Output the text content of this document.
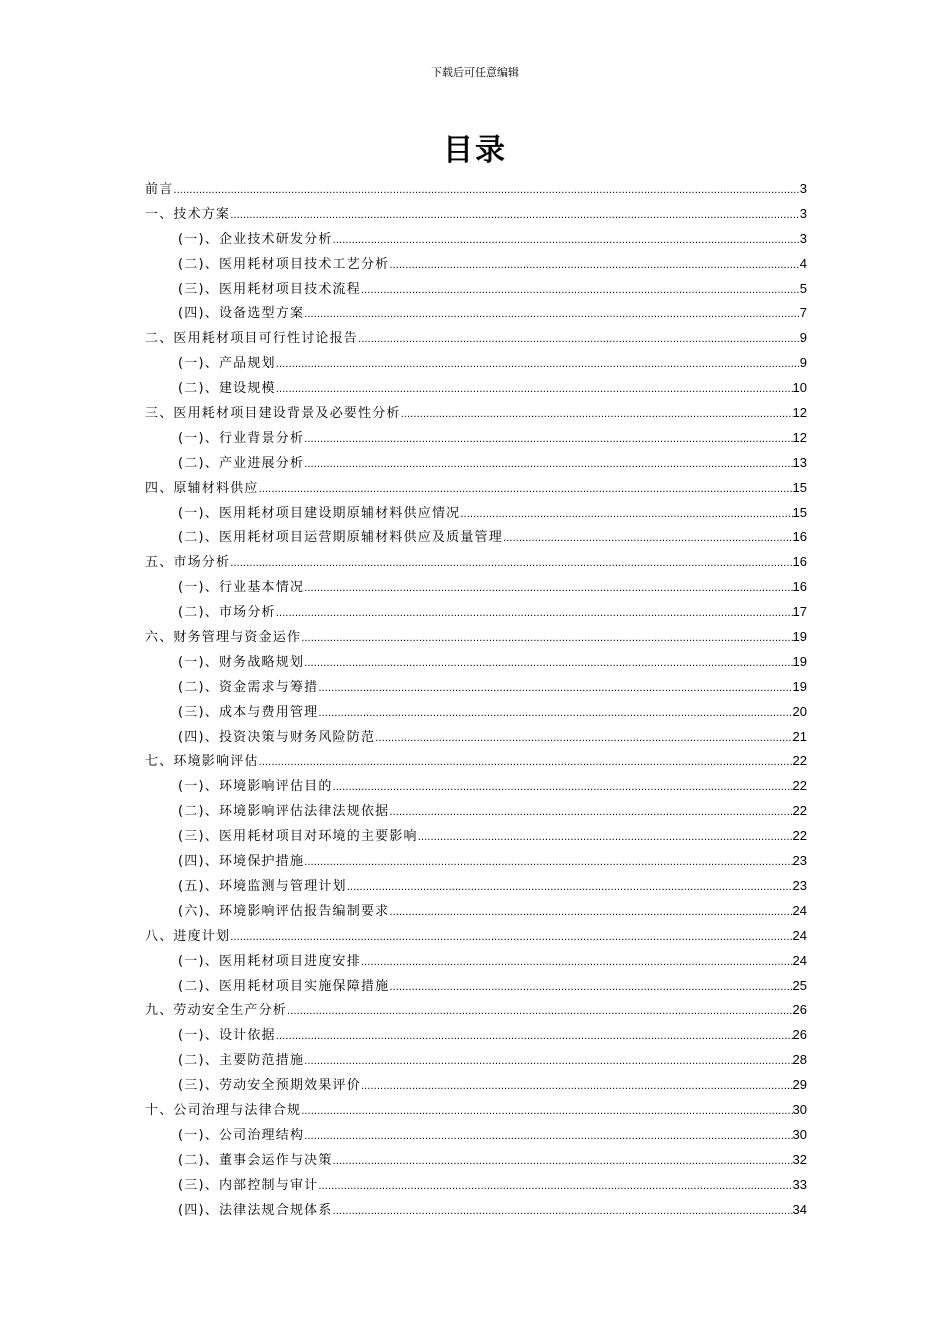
下载后可任意编辑
目录
前言 .....	3
一、技术方案 .....	3
(一)、企业技术研发分析 .....	3
(二)、医用耗材项目技术工艺分析 .....	4
(三)、医用耗材项目技术流程 .....	5
(四)、设备选型方案 .....	7
二、医用耗材项目可行性讨论报告 .....	9
(一)、产品规划 .....	9
(二)、建设规模 .....	10
三、医用耗材项目建设背景及必要性分析 .....	12
(一)、行业背景分析 .....	12
(二)、产业进展分析 .....	13
四、原辅材料供应 .....	15
(一)、医用耗材项目建设期原辅材料供应情况 .....	15
(二)、医用耗材项目运营期原辅材料供应及质量管理 .....	16
五、市场分析 .....	16
(一)、行业基本情况 .....	16
(二)、市场分析 .....	17
六、财务管理与资金运作 .....	19
(一)、财务战略规划 .....	19
(二)、资金需求与筹措 .....	19
(三)、成本与费用管理 .....	20
(四)、投资决策与财务风险防范 .....	21
七、环境影响评估 .....	22
(一)、环境影响评估目的 .....	22
(二)、环境影响评估法律法规依据 .....	22
(三)、医用耗材项目对环境的主要影响 .....	22
(四)、环境保护措施 .....	23
(五)、环境监测与管理计划 .....	23
(六)、环境影响评估报告编制要求 .....	24
八、进度计划 .....	24
(一)、医用耗材项目进度安排 .....	24
(二)、医用耗材项目实施保障措施 .....	25
九、劳动安全生产分析 .....	26
(一)、设计依据 .....	26
(二)、主要防范措施 .....	28
(三)、劳动安全预期效果评价 .....	29
十、公司治理与法律合规 .....	30
(一)、公司治理结构 .....	30
(二)、董事会运作与决策 .....	32
(三)、内部控制与审计 .....	33
(四)、法律法规合规体系 .....	34
